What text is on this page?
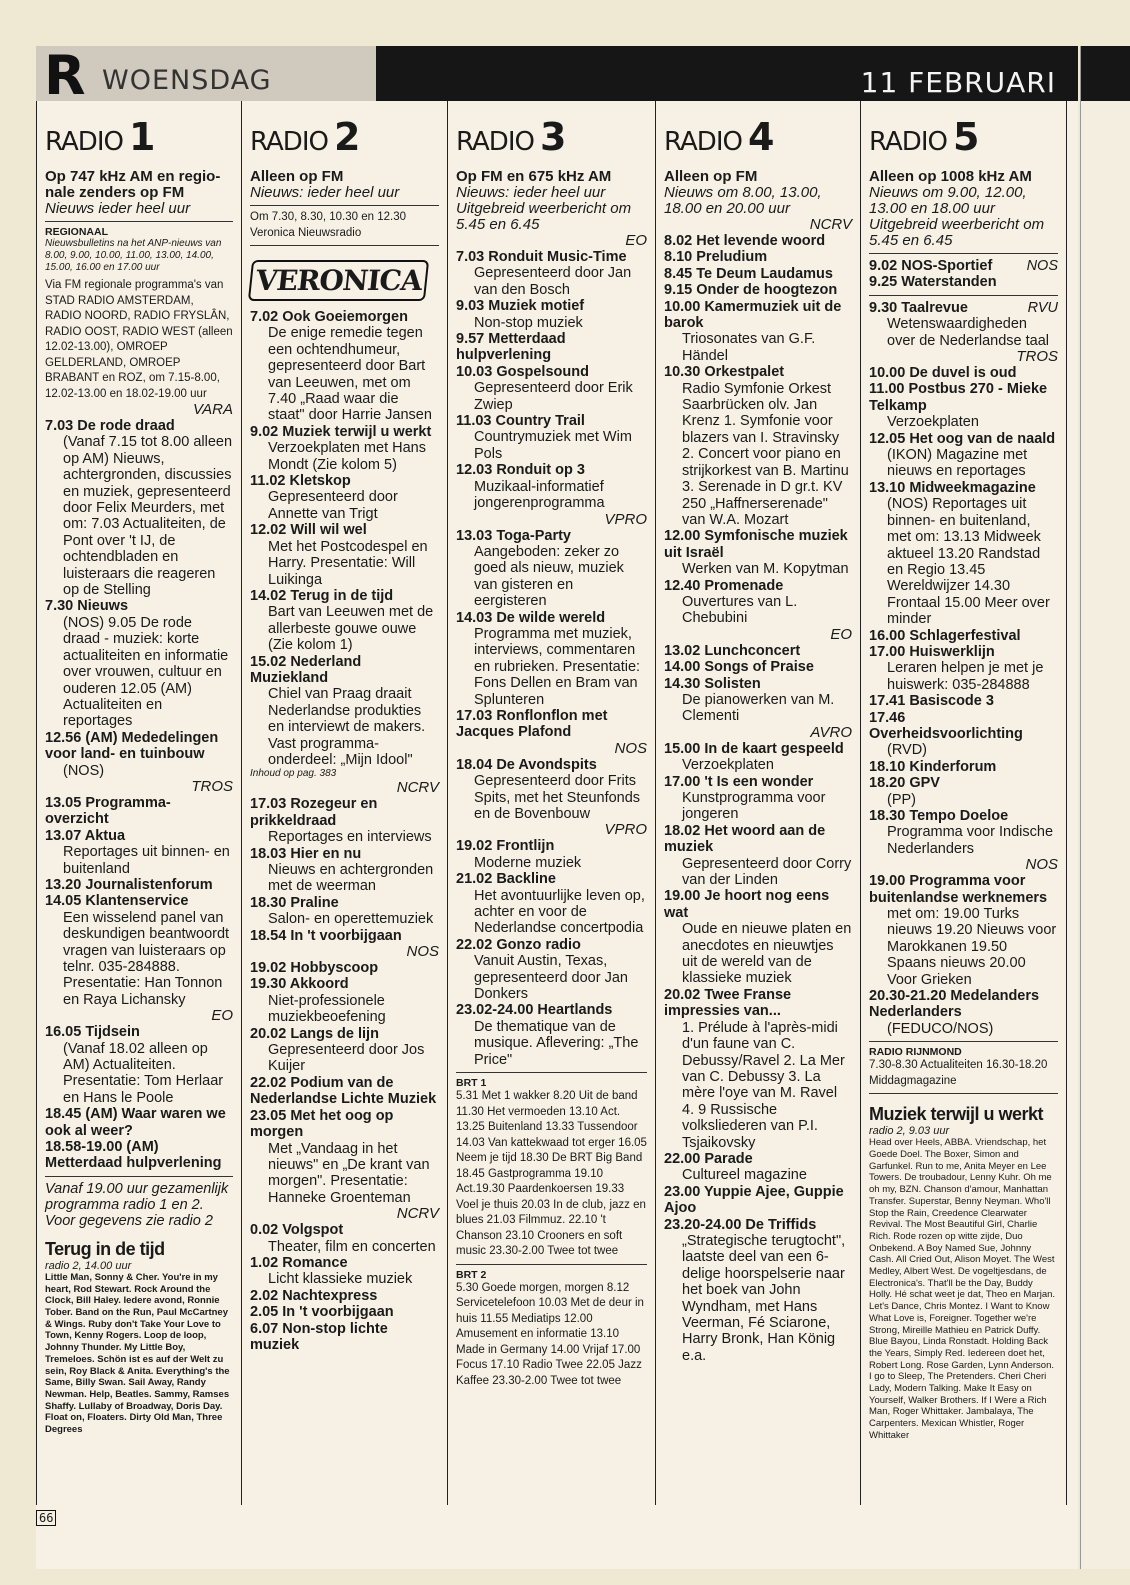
R WOENSDAG	11 FEBRUARI
RADIO 1
Op 747 kHz AM en regio-nale zenders op FM
Nieuws ieder heel uur
REGIONAAL
Nieuwsbulletins na het ANP-nieuws van 8.00, 9.00, 10.00, 11.00, 13.00, 14.00, 15.00, 16.00 en 17.00 uur
Via FM regionale programma's van STAD RADIO AMSTERDAM, RADIO NOORD, RADIO FRYSLÂN, RADIO OOST, RADIO WEST (alleen 12.02-13.00), OMROEP GELDERLAND, OMROEP BRABANT en ROZ, om 7.15-8.00, 12.02-13.00 en 18.02-19.00 uur
VARA
7.03 De rode draad
(Vanaf 7.15 tot 8.00 alleen op AM) Nieuws, achtergronden, discussies en muziek, gepresenteerd door Felix Meurders, met om: 7.03 Actualiteiten, de Pont over 't IJ, de ochtendbladen en luisteraars die reageren op de Stelling
7.30 Nieuws
(NOS) 9.05 De rode draad - muziek: korte actualiteiten en informatie over vrouwen, cultuur en ouderen 12.05 (AM) Actualiteiten en reportages
12.56 (AM) Mededelingen voor land- en tuinbouw
(NOS)
TROS
13.05 Programma-overzicht
13.07 Aktua
Reportages uit binnen- en buitenland
13.20 Journalistenforum
14.05 Klantenservice
Een wisselend panel van deskundigen beantwoordt vragen van luisteraars op telnr. 035-284888. Presentatie: Han Tonnon en Raya Lichansky
EO
16.05 Tijdsein
(Vanaf 18.02 alleen op AM) Actualiteiten. Presentatie: Tom Herlaar en Hans le Poole
18.45 (AM) Waar waren we ook al weer?
18.58-19.00 (AM) Metterdaad hulpverlening
Vanaf 19.00 uur gezamenlijk programma radio 1 en 2. Voor gegevens zie radio 2
Terug in de tijd
radio 2, 14.00 uur
Little Man, Sonny & Cher. You're in my heart, Rod Stewart. Rock Around the Clock, Bill Haley. Iedere avond, Ronnie Tober. Band on the Run, Paul McCartney & Wings. Ruby don't Take Your Love to Town, Kenny Rogers. Loop de loop, Johnny Thunder. My Little Boy, Tremeloes. Schön ist es auf der Welt zu sein, Roy Black & Anita. Everything's the Same, Billy Swan. Sail Away, Randy Newman. Help, Beatles. Sammy, Ramses Shaffy. Lullaby of Broadway, Doris Day. Float on, Floaters. Dirty Old Man, Three Degrees
RADIO 2
Alleen op FM
Nieuws: ieder heel uur
Om 7.30, 8.30, 10.30 en 12.30 Veronica Nieuwsradio
VERONICA
7.02 Ook Goeiemorgen
De enige remedie tegen een ochtendhumeur, gepresenteerd door Bart van Leeuwen, met om 7.40 „Raad waar die staat" door Harrie Jansen
9.02 Muziek terwijl u werkt
Verzoekplaten met Hans Mondt (Zie kolom 5)
11.02 Kletskop
Gepresenteerd door Annette van Trigt
12.02 Will wil wel
Met het Postcodespel en Harry. Presentatie: Will Luikinga
14.02 Terug in de tijd
Bart van Leeuwen met de allerbeste gouwe ouwe (Zie kolom 1)
15.02 Nederland Muziekland
Chiel van Praag draait Nederlandse produkties en interviewt de makers. Vast programma-onderdeel: „Mijn Idool"
Inhoud op pag. 383
NCRV
17.03 Rozegeur en prikkeldraad
Reportages en interviews
18.03 Hier en nu
Nieuws en achtergronden met de weerman
18.30 Praline
Salon- en operettemuziek
18.54 In 't voorbijgaan
NOS
19.02 Hobbyscoop
19.30 Akkoord
Niet-professionele muziekbeoefening
20.02 Langs de lijn
Gepresenteerd door Jos Kuijer
22.02 Podium van de Nederlandse Lichte Muziek
23.05 Met het oog op morgen
Met „Vandaag in het nieuws" en „De krant van morgen". Presentatie: Hanneke Groenteman
NCRV
0.02 Volgspot
Theater, film en concerten
1.02 Romance
Licht klassieke muziek
2.02 Nachtexpress
2.05 In 't voorbijgaan
6.07 Non-stop lichte muziek
RADIO 3
Op FM en 675 kHz AM
Nieuws: ieder heel uur Uitgebreid weerbericht om 5.45 en 6.45
EO
7.03 Ronduit Music-Time
Gepresenteerd door Jan van den Bosch
9.03 Muziek motief
Non-stop muziek
9.57 Metterdaad hulpverlening
10.03 Gospelsound
Gepresenteerd door Erik Zwiep
11.03 Country Trail
Countrymuziek met Wim Pols
12.03 Ronduit op 3
Muzikaal-informatief jongerenprogramma
VPRO
13.03 Toga-Party
Aangeboden: zeker zo goed als nieuw, muziek van gisteren en eergisteren
14.03 De wilde wereld
Programma met muziek, interviews, commentaren en rubrieken. Presentatie: Fons Dellen en Bram van Splunteren
17.03 Ronflonflon met Jacques Plafond
NOS
18.04 De Avondspits
Gepresenteerd door Frits Spits, met het Steunfonds en de Bovenbouw
VPRO
19.02 Frontlijn
Moderne muziek
21.02 Backline
Het avontuurlijke leven op, achter en voor de Nederlandse concertpodia
22.02 Gonzo radio
Vanuit Austin, Texas, gepresenteerd door Jan Donkers
23.02-24.00 Heartlands
De thematique van de musique. Aflevering: „The Price"
BRT 1
5.31 Met 1 wakker 8.20 Uit de band 11.30 Het vermoeden 13.10 Act. 13.25 Buitenland 13.33 Tussendoor 14.03 Van kattekwaad tot erger 16.05 Neem je tijd 18.30 De BRT Big Band 18.45 Gastprogramma 19.10 Act.19.30 Paardenkoersen 19.33 Voel je thuis 20.03 In de club, jazz en blues 21.03 Filmmuz. 22.10 't Chanson 23.10 Crooners en soft music 23.30-2.00 Twee tot twee
BRT 2
5.30 Goede morgen, morgen 8.12 Servicetelefoon 10.03 Met de deur in huis 11.55 Mediatips 12.00 Amusement en informatie 13.10 Made in Germany 14.00 Vrijaf 17.00 Focus 17.10 Radio Twee 22.05 Jazz Kaffee 23.30-2.00 Twee tot twee
RADIO 4
Alleen op FM
Nieuws om 8.00, 13.00, 18.00 en 20.00 uur
NCRV
8.02 Het levende woord
8.10 Preludium
8.45 Te Deum Laudamus
9.15 Onder de hoogtezon
10.00 Kamermuziek uit de barok
Triosonates van G.F. Händel
10.30 Orkestpalet
Radio Symfonie Orkest Saarbrücken olv. Jan Krenz 1. Symfonie voor blazers van I. Stravinsky 2. Concert voor piano en strijkorkest van B. Martinu 3. Serenade in D gr.t. KV 250 „Haffnerserenade" van W.A. Mozart
12.00 Symfonische muziek uit Israël
Werken van M. Kopytman
12.40 Promenade
Ouvertures van L. Chebubini
EO
13.02 Lunchconcert
14.00 Songs of Praise
14.30 Solisten
De pianowerken van M. Clementi
AVRO
15.00 In de kaart gespeeld
Verzoekplaten
17.00 't Is een wonder
Kunstprogramma voor jongeren
18.02 Het woord aan de muziek
Gepresenteerd door Corry van der Linden
19.00 Je hoort nog eens wat
Oude en nieuwe platen en anecdotes en nieuwtjes uit de wereld van de klassieke muziek
20.02 Twee Franse impressies van...
1. Prélude à l'après-midi d'un faune van C. Debussy/Ravel 2. La Mer van C. Debussy 3. La mère l'oye van M. Ravel 4. 9 Russische volksliederen van P.I. Tsjaikovsky
22.00 Parade
Cultureel magazine
23.00 Yuppie Ajee, Guppie Ajoo
23.20-24.00 De Triffids
„Strategische terugtocht", laatste deel van een 6-delige hoorspelserie naar het boek van John Wyndham, met Hans Veerman, Fé Sciarone, Harry Bronk, Han König e.a.
RADIO 5
Alleen op 1008 kHz AM
Nieuws om 9.00, 12.00, 13.00 en 18.00 uur Uitgebreid weerbericht om 5.45 en 6.45
9.02 NOS-Sportief	NOS
9.25 Waterstanden
9.30 Taalrevue	RVU
Wetenswaardigheden over de Nederlandse taal
TROS
10.00 De duvel is oud
11.00 Postbus 270 - Mieke Telkamp
Verzoekplaten
12.05 Het oog van de naald
(IKON) Magazine met nieuws en reportages
13.10 Midweekmagazine
(NOS) Reportages uit binnen- en buitenland, met om: 13.13 Midweek aktueel 13.20 Randstad en Regio 13.45 Wereldwijzer 14.30 Frontaal 15.00 Meer over minder
16.00 Schlagerfestival
17.00 Huiswerklijn
Leraren helpen je met je huiswerk: 035-284888
17.41 Basiscode 3
17.46 Overheidsvoorlichting
(RVD)
18.10 Kinderforum
18.20 GPV
(PP)
18.30 Tempo Doeloe
Programma voor Indische Nederlanders
NOS
19.00 Programma voor buitenlandse werknemers
met om: 19.00 Turks nieuws 19.20 Nieuws voor Marokkanen 19.50 Spaans nieuws 20.00 Voor Grieken
20.30-21.20 Medelanders Nederlanders
(FEDUCO/NOS)
RADIO RIJNMOND
7.30-8.30 Actualiteiten 16.30-18.20 Middagmagazine
Muziek terwijl u werkt
radio 2, 9.03 uur
Head over Heels, ABBA. Vriendschap, het Goede Doel. The Boxer, Simon and Garfunkel. Run to me, Anita Meyer en Lee Towers. De troubadour, Lenny Kuhr. Oh me oh my, BZN. Chanson d'amour, Manhattan Transfer. Superstar, Benny Neyman. Who'll Stop the Rain, Creedence Clearwater Revival. The Most Beautiful Girl, Charlie Rich. Rode rozen op witte zijde, Duo Onbekend. A Boy Named Sue, Johnny Cash. All Cried Out, Alison Moyet. The West Medley, Albert West. De vogeltjesdans, de Electronica's. That'll be the Day, Buddy Holly. Hé schat weet je dat, Theo en Marjan. Let's Dance, Chris Montez. I Want to Know What Love is, Foreigner. Together we're Strong, Mireille Mathieu en Patrick Duffy. Blue Bayou, Linda Ronstadt. Holding Back the Years, Simply Red. Iedereen doet het, Robert Long. Rose Garden, Lynn Anderson. I go to Sleep, The Pretenders. Cheri Cheri Lady, Modern Talking. Make It Easy on Yourself, Walker Brothers. If I Were a Rich Man, Roger Whittaker. Jambalaya, The Carpenters. Mexican Whistler, Roger Whittaker
66
